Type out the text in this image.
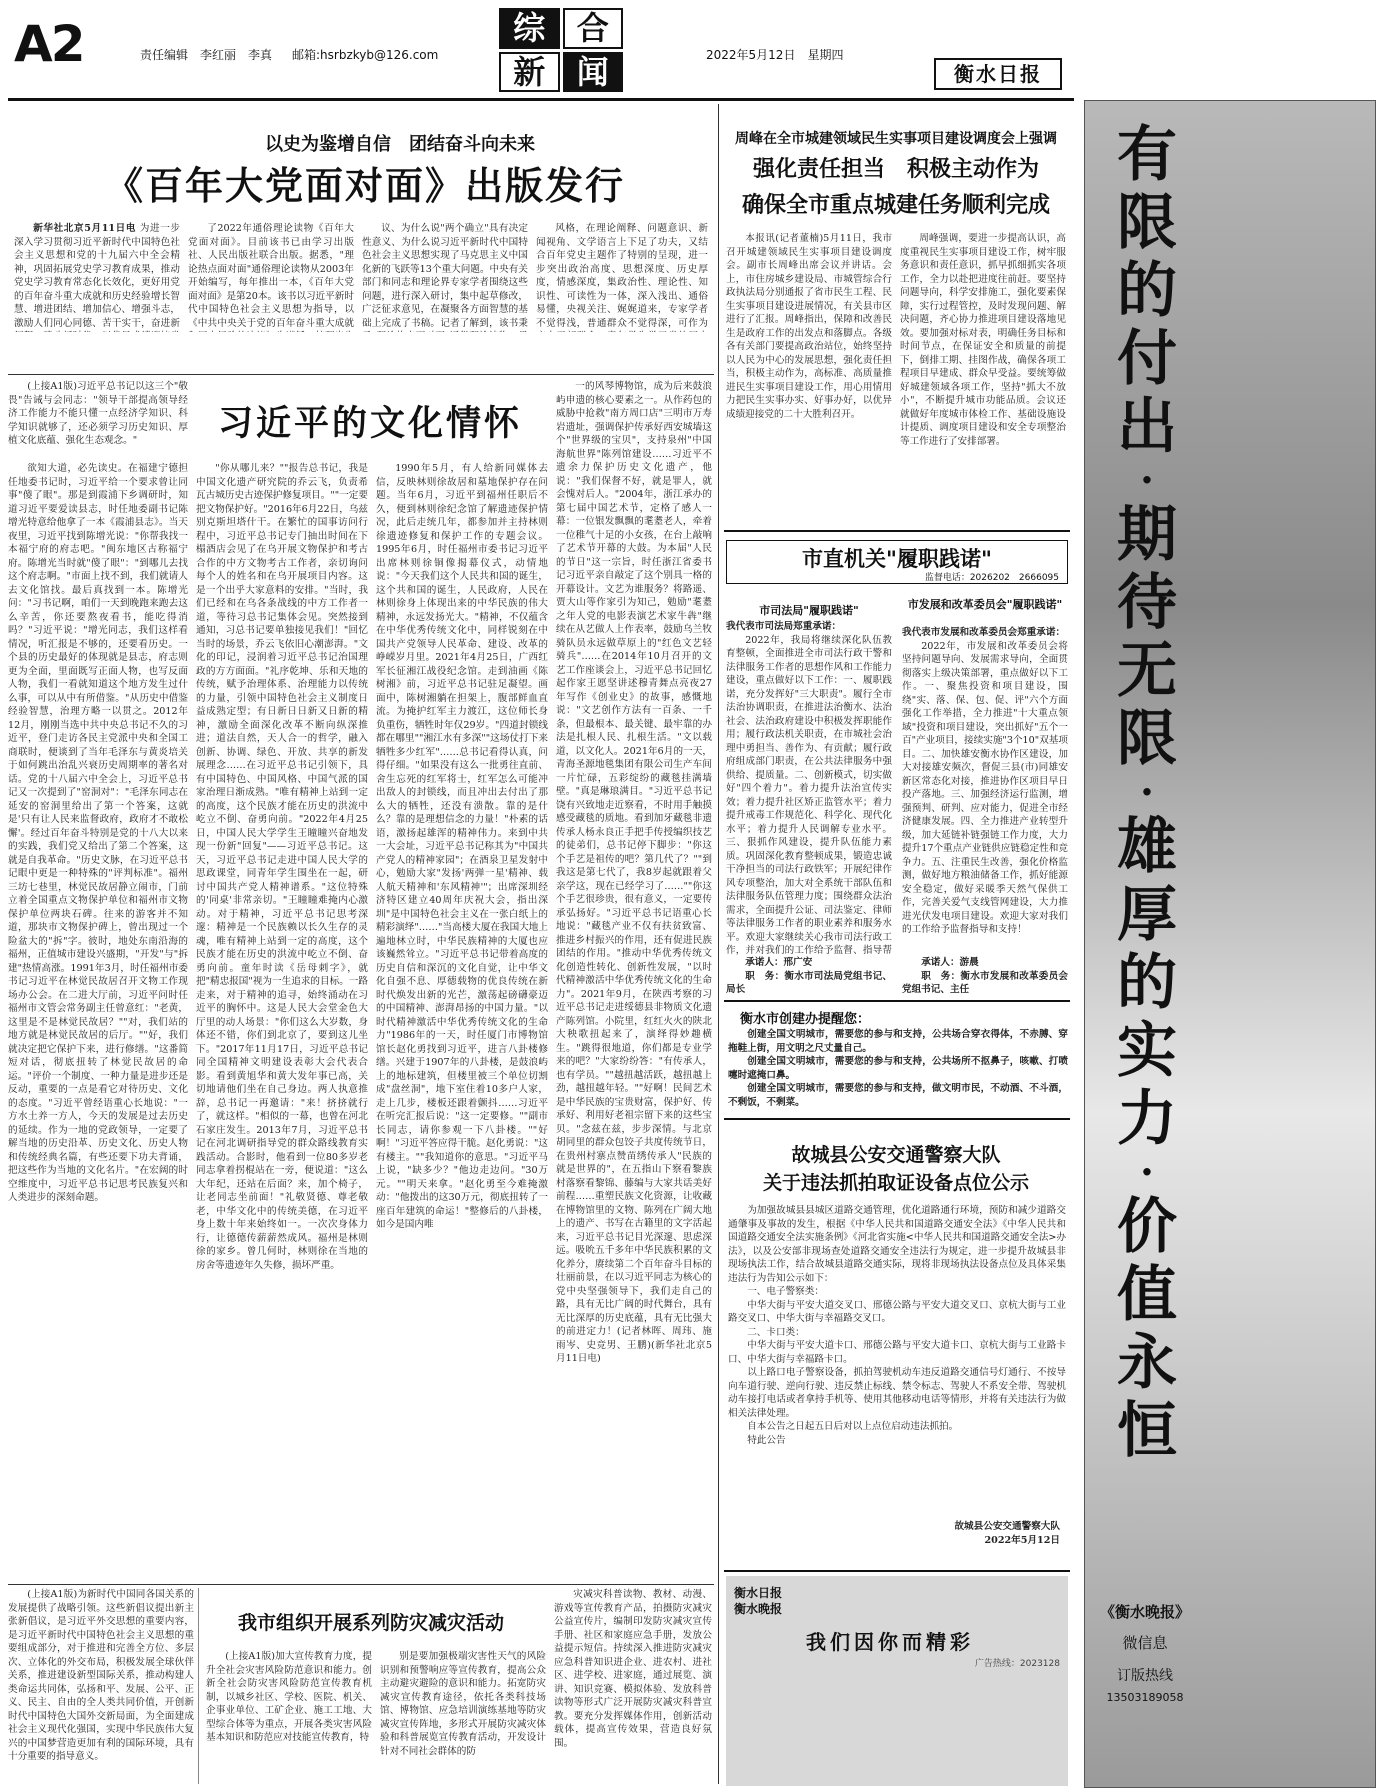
A2	责任编辑　李红丽　李真 邮箱:hsrbzkyb@126.com
综 合
新 闻	2022年5月12日　星期四
衡水日报
以史为鉴增自信　团结奋斗向未来
《百年大党面对面》出版发行

新华社北京5月11日电 为进一步深入学习贯彻习近平新时代中国特色社会主义思想和党的十九届六中全会精神，巩固拓展党史学习教育成果，推动党史学习教育常态化长效化，更好用党的百年奋斗重大成就和历史经验增长智慧、增进团结、增加信心、增强斗志，激励人们同心同德、苦干实干，奋进新

了2022年通俗理论读物《百年大党面对面》。目前该书已由学习出版社、人民出版社联合出版。据悉，"理论热点面对面"通俗理论读物从2003年开始编写，每年推出一本，《百年大党面对面》是第20本。该书以习近平新时代中国特色社会主义思想为指导，以《中共中央关于党的百年奋斗重大成就

议、为什么说"两个确立"具有决定性意义、为什么说习近平新时代中国特色社会主义思想实现了马克思主义中国化新的飞跃等13个重大问题。中央有关部门和同志和理论界专家学者围绕这些问题，进行深入研讨，集中起草修改，广泛征求意见，在凝聚各方面智慧的基础上完成了书稿。记者了解到，该书秉

风格，在理论阐释、问题意识、新闻视角、文学语言上下足了功夫，又结合百年党史主题作了特别的呈现，进一步突出政治高度、思想深度、历史厚度，情感深度，集政治性、理论性、知识性、可读性为一体，深入浅出、通俗易懂，央视关注、娓娓道来，专家学者不觉得浅，普通群众不觉得深，可作为

(上接A1版)习近平总书记以这三个"敬畏"告诫与会同志："领导干部提高领导经济工作能力不能只懂一点经济学知识、科学知识就够了，还必须学习历史知识、厚植文化底蕴、强化生态观念。"	习近平的文化情怀

欲知大道，必先读史。在福建宁德担任地委书记时，习近平给一个要求曾让同事"傻了眼"。那是到霞浦下乡调研时，知道习近平要爱读县志，时任地委副书记陈增光特意给他拿了一本《霞浦县志》。当天夜里，习近平找到陈增光说："你帮我找一本福宁府的府志吧。"闽东地区古称福宁府。陈增光当时就"傻了眼"："到哪儿去找这个府志啊。"市面上找不到，我们就请人去文化馆找。最后真找到一本。陈增光问："习书记啊，咱们一天到晚跑来跑去这么辛苦，你还要熬夜看书，能吃得消吗？"习近平说："增光同志，我们这样看情况，听汇报是不够的，还要看历史。一个县的历史最好的体现就是县志，府志则更为全面，里面既写正面人物，也写反面人物，我们一看就知道这个地方发生过什么事，可以从中有所借鉴。"从历史中借鉴经验智慧，治理方略一以贯之。2012年12月，刚刚当选中共中央总书记不久的习近平，登门走访各民主党派中央和全国工商联时，便谈到了当年毛泽东与黄炎培关于如何跳出治乱兴衰历史周期率的著名对话。党的十八届六中全会上，习近平总书记又一次提到了"窑洞对"："毛泽东同志在延安的窑洞里给出了第一个答案，这就是'只有让人民来监督政府，政府才不敢松懈'。经过百年奋斗特别是党的十八大以来的实践，我们党又给出了第二个答案，这就是自我革命。"历史文脉，在习近平总书记眼中更是一种特殊的"评判标准"。福州三坊七巷里，林觉民故居静立闹市，门前立着全国重点文物保护单位和福州市文物保护单位两块石碑。往来的游客并不知道，那块市文物保护碑上，曾出现过一个险盆大的"拆"字。彼时，地处东南沿海的福州，正值城市建设兴盛期，"开发"与"拆建"热情高涨。1991年3月，时任福州市委书记习近平在林觉民故居召开文物工作现场办公会。在二进大厅前，习近平问时任福州市文管会常务副主任曾意红："老黄，这里是不是林觉民故居？""对，我们站的地方就是林觉民故居的后厅。""好，我们就决定把它保护下来，进行修缮。"这番简短对话，彻底扭转了林觉民故居的命运。"评价一个制度、一种力量是进步还是反动，重要的一点是看它对待历史、文化的态度。"习近平曾经语重心长地说："一方水土养一方人，今天的发展是过去历史的延续。作为一地的党政领导，一定要了解当地的历史沿革、历史文化、历史人物和传统经典名篇，有些还要下功夫背诵，把这些作为当地的文化名片。"在宏阔的时空维度中，习近平总书记思考民族复兴和人类进步的深刻命题。

"你从哪儿来？""报告总书记，我是中国文化遗产研究院的乔云飞，负责希瓦古城历史古迹保护修复项目。""一定要把文物保护好。"2016年6月22日，乌兹别克斯坦塔什干。在繁忙的国事访问行程中，习近平总书记专门抽出时间在下榻酒店会见了在乌开展文物保护和考古合作的中方文物考古工作者，亲切询问每个人的姓名和在乌开展项目内容。这是一个出乎大家意料的安排。"当时，我们已经和在乌各条战线的中方工作者一道，等待习总书记集体会见。突然接到通知，习总书记要单独接见我们！"回忆当时的场景，乔云飞依旧心潮澎湃。"文化的印记，浸润着习近平总书记治国理政的方方面面。"礼序乾坤、乐和天地的传统，赋予治理体系、治理能力以传统的力量，引领中国特色社会主义制度日益成熟定型；有日新日日新又日新的精神，激励全面深化改革不断向纵深推进；道法自然，天人合一的哲学，融入创新、协调、绿色、开放、共享的新发展理念……在习近平总书记引领下，具有中国特色、中国风格、中国气派的国家治理日渐成熟。"唯有精神上站到一定的高度，这个民族才能在历史的洪流中屹立不倒、奋勇向前。"2022年4月25日，中国人民大学学生王瞳瞳兴奋地发现一份新"回复"——习近平总书记。这天，习近平总书记走进中国人民大学的思政课堂，同青年学生围坐在一起，研讨中国共产党人精神谱系。"这位特殊的'同桌'非常亲切。"王瞳瞳难掩内心激动。对于精神，习近平总书记思考深邃：精神是一个民族赖以长久生存的灵魂，唯有精神上站到一定的高度，这个民族才能在历史的洪流中屹立不倒、奋勇向前。童年时读《岳母刺字》，就把"精忠报国"视为一生追求的目标。一路走来，对于精神的追寻，始终涌动在习近平的胸怀中。这是人民大会堂金色大厅里的动人场景："你们这么大岁数，身体还不错，你们到北京了，要到这儿坐下。"2017年11月17日，习近平总书记同全国精神文明建设表彰大会代表合影。看到黄旭华和黄大发年事已高，关切地请他们坐在自己身边。两人执意推辞，总书记一再邀请："来！挤挤就行了，就这样。"相似的一幕，也曾在河北石家庄发生。2013年7月，习近平总书记在河北调研指导党的群众路线教育实践活动。合影时，他看到一位80多岁老同志拿着拐棍站在一旁，便说道："这么大年纪，还站在后面？来，加个椅子，让老同志坐前面！"礼敬贤德、尊老敬老，中华文化中的传统美德，在习近平身上数十年来始终如一。一次次身体力行，让德德传薪薪然成风。福州是林则徐的家乡。曾几何时，林则徐在当地的房舍等遗迹年久失修，损坏严重。

1990年5月，有人给新同媒体去信，反映林则徐故居和墓地保护存在问题。当年6月，习近平到福州任职后不久，便到林则徐纪念馆了解遗迹保护情况，此后走统几年，都参加并主持林则徐遗迹修复和保护工作的专题会议。1995年6月，时任福州市委书记习近平出席林则徐铜像揭幕仪式，动情地说："今天我们这个人民共和国的诞生，这个共和国的诞生，人民政府，人民在林则徐身上体现出来的中华民族的伟大精神，永远发扬光大。"精神，不仅蕴含在中华优秀传统文化中，同样锐刻在中国共产党领导人民革命、建设、改革的峥嵘岁月里。2021年4月25日，广西红军长征湘江战役纪念馆。走到油画《陈树湘》前，习近平总书记驻足凝望。画面中，陈树湘躺在担架上，腹部鲜血直流。为掩护红军主力渡江，这位师长身负重伤，牺牲时年仅29岁。"四道封锁线都在哪里""湘江水有多深""这场仗打下来牺牲多少红军"……总书记看得认真，问得仔细。"如果没有这么一批勇往直前、舍生忘死的红军将士，红军怎么可能冲出敌人的封锁线，而且冲出去付出了那么大的牺牲，还没有溃散。靠的是什么？靠的是理想信念的力量！"朴素的话语，激扬起雄浑的精神伟力。来到中共一大会址，习近平总书记称其为"中国共产党人的精神家园"；在酒泉卫星发射中心，勉励大家"发扬'两弹一星'精神、载人航天精神和'东风精神'"；出席深圳经济特区建立40周年庆祝大会，指出深圳"是中国特色社会主义在一张白纸上的精彩演绎"……"当高楼大厦在我国大地上遍地林立时，中华民族精神的大厦也应该巍然耸立。"习近平总书记带着高度的历史自信和深沉的文化自觉，让中华文化自强不息、厚德载物的优良传统在新时代焕发出新的光芒，激荡起磅礴豪迈的中国精神、澎湃昂扬的中国力量。"以时代精神激活中华优秀传统文化的生命力"1986年的一天，时任厦门市博物馆馆长赵化勇找到习近平，进言八卦楼修缮。兴建于1907年的八卦楼，是鼓浪屿上的地标建筑，但楼里被三个单位切割成"盘丝洞"，地下室住着10多户人家，走上几步，楼板还跟着颤抖……习近平在听完汇报后说："这一定要修。""副市长同志，请你参观一下八卦楼。""好啊！"习近平答应得干脆。赵化勇说："这有楼主。""我知道你的意思。"习近平马上说，"缺多少？"他边走边问。"30万元。""明天来拿。"赵化勇至今难掩激动："他拨出的这30万元，彻底扭转了一座百年建筑的命运！"整修后的八卦楼，如今是国内唯

一的风琴博物馆，成为后来鼓浪屿申遗的核心要素之一。从作药包的威胁中抢救"南方周口店"三明市万寿岩遗址，强调保护传承好西安城墙这个"世界级的宝贝"，支持泉州"中国海航世界"陈列馆建设……习近平不遗余力保护历史文化遗产，他说："我们保督不好，就是罪人，就会愧对后人。"2004年，浙江承办的第七届中国艺术节，定格了感人一幕：一位银发飘飘的耄耋老人，牵着一位稚气十足的小女孩，在台上敲响了艺术节开幕的大鼓。为本届"人民的节日"这一宗旨，时任浙江省委书记习近平亲自敲定了这个别具一格的开幕设计。文艺为谁服务？将路遥、贾大山等作家引为知己，勉励"耄耋之年人党的电影表演艺术家牛犇"继续在从艺做人上作表率，鼓励乌兰牧骑队员永远做草原上的"红色文艺轻骑兵"……在2014年10月召开的文艺工作座谈会上，习近平总书记回忆起作家王愿坚讲述穆青舞点亮夜27年写作《创业史》的故事，感慨地说："文艺创作方法有一百条、一千条，但最根本、最关键、最牢靠的办法是扎根人民、扎根生活。"文以载道，以文化人。2021年6月的一天，青海圣源地毯集团有限公司生产车间一片忙碌，五彩绽纷的藏毯挂满墙壁。"真是琳琅满目。"习近平总书记饶有兴致地走近察看，不时用手触摸感受藏毯的质地。看到加牙藏毯非遗传承人杨永良正手把手传授编织技艺的徒弟们，总书记停下脚步："你这个手艺是祖传的吧？第几代了？""到我这是第七代了，我8岁起就跟着父亲学这，现在已经学习了……""你这个手艺很珍贵，很有意义，一定要传承弘扬好。"习近平总书记语重心长地说："藏毯产业不仅有扶贫致富、推进乡村振兴的作用，还有促进民族团结的作用。"推动中华优秀传统文化创造性转化、创新性发展，"以时代精神激活中华优秀传统文化的生命力"。2021年9月，在陕西考察的习近平总书记走进绥德县非物质文化遗产陈列馆。小院里，红红火火的陕北大秧歌扭起来了，演绎得妙趣横生。"跳得很地道，你们都是专业学来的吧？"大家纷纷答："有传承人，也有学员。""越扭越活跃，越扭越上劲，越扭越年轻。""好啊！民间艺术是中华民族的宝贵财富，保护好、传承好、利用好老祖宗留下来的这些宝贝。"念兹在兹，步步深情。与北京胡同里的群众包饺子共度传统节日，在贵州村寨点赞苗绣传承人"民族的就是世界的"，在五指山下察看黎族村落察看黎锦、藤编与大家共话美好前程……重塑民族文化资源，让收藏在博物馆里的文物、陈列在广阔大地上的遗产、书写在古籍里的文字活起来，习近平总书记目光深邃、思虑深远。吸吮五千多年中华民族积累的文化养分，赓续第二个百年奋斗目标的壮丽前景，在以习近平同志为核心的党中央坚强领导下，我们走自己的路，具有无比广阔的时代舞台，具有无比深厚的历史底蕴，具有无比强大的前进定力！(记者林晖、周玮、施雨岑、史竞男、王鹏)(新华社北京5月11日电)

(上接A1版)为新时代中国同各国关系的发展提供了战略引领。这些新倡议提出新主张新倡议，是习近平外交思想的重要内容，是习近平新时代中国特色社会主义思想的重要组成部分，对于推进和完善全方位、多层次、立体化的外交布局，积极发展全球伙伴关系，推进建设新型国际关系，推动构建人类命运共同体，弘扬和平、发展、公平、正义、民主、自由的全人类共同价值，开创新时代中国特色大国外交新局面，为全面建成社会主义现代化强国，实现中华民族伟大复兴的中国梦营造更加有利的国际环境，具有十分重要的指导意义。

我市组织开展系列防灾减灾活动

(上接A1版)加大宣传教育力度，提升全社会灾害风险防范意识和能力。创新全社会防灾害风险防范宣传教育机制，以城乡社区、学校、医院、机关、企事业单位、工矿企业、施工工地、大型综合体等为重点，开展各类灾害风险基本知识和防范应对技能宣传教育，特

别是要加强极端灾害性天气的风险识别和预警响应等宣传教育，提高公众主动避灾避险的意识和能力。拓宽防灾减灾宣传教育途径，依托各类科技场馆、博物馆、应急培训演练基地等防灾减灾宣传阵地，多形式开展防灾减灾体验和科普展览宣传教育活动，开发设计针对不同社会群体的防

灾减灾科普读物、教材、动漫、游戏等宣传教育产品，拍摄防灾减灾公益宣传片，编制印发防灾减灾宣传手册、社区和家庭应急手册，发放公益提示短信。持续深入推进防灾减灾应急科普知识进企业、进农村、进社区、进学校、进家庭，通过展览、演讲、知识竞赛、模拟体验、发放科普读物等形式广泛开展防灾减灾科普宣教。要充分发挥媒体作用，创新活动载体，提高宣传效果，营造良好氛围。

周峰在全市城建领域民生实事项目建设调度会上强调
强化责任担当　积极主动作为
确保全市重点城建任务顺利完成

本报讯(记者董楠)5月11日，我市召开城建领域民生实事项目建设调度会。副市长周峰出席会议并讲话。会上，市住房城乡建设局、市城管综合行政执法局分别通报了省市民生工程、民生实事项目建设进展情况，有关县市区进行了汇报。周峰指出，保障和改善民生是政府工作的出发点和落脚点。各级各有关部门要提高政治站位，始终坚持以人民为中心的发展思想，强化责任担当，积极主动作为，高标准、高质量推进民生实事项目建设工作，用心用情用力把民生实事办实、好事办好，以优异成绩迎接党的二十大胜利召开。

周峰强调，要进一步提高认识，高度重视民生实事项目建设工作，树牢服务意识和责任意识，抓早抓细抓实各项工作，全力以赴把进度往前赶。要坚持问题导向，科学安排施工，强化要素保障，实行过程管控，及时发现问题、解决问题，齐心协力推进项目建设落地见效。要加强对标对表，明确任务目标和时间节点，在保证安全和质量的前提下，倒排工期、挂图作战，确保各项工程项目早建成、群众早受益。要统筹做好城建领域各项工作，坚持"抓大不放小"，不断提升城市功能品质。会议还就做好年度城市体检工作、基础设施设计提质、调度项目建设和安全专项整治等工作进行了安排部署。

市直机关"履职践诺"
监督电话：2026202　2666095
市司法局"履职践诺"

我代表市司法局郑重承诺：

2022年，我局将继续深化队伍教育整顿，全面推进全市司法行政干警和法律服务工作者的思想作风和工作能力建设，重点做好以下工作：一、履职践诺，充分发挥好"三大职责"。履行全市法治协调职责，在推进法治衡水、法治社会、法治政府建设中积极发挥职能作用；履行政法机关职责，在市城社会治理中勇担当、善作为、有贡献；履行政府组成部门职责，在公共法律服务中强供给、提质量。二、创新模式，切实做好"四个着力"。着力提升法治宣传实效；着力提升社区矫正监管水平；着力提升戒毒工作规范化、科学化、现代化水平；着力提升人民调解专业水平。三、狠抓作风建设，提升队伍能力素质。巩固深化教育整顿成果，锻造忠诚干净担当的司法行政铁军；开展纪律作风专项整治，加大对全系统干部队伍和法律服务队伍管理力度；围绕群众法治需求，全面提升公证、司法鉴定、律师等法律服务工作者的职业素养和服务水平。欢迎大家继续关心我市司法行政工作，并对我们的工作给予监督、指导帮

承诺人：邢广安
职　务：衡水市司法局党组书记、局长
市发展和改革委员会"履职践诺"

我代表市发展和改革委员会郑重承诺：

2022年，市发展和改革委员会将坚持问题导向、发展需求导向，全面贯彻落实上级决策部署，重点做好以下工作。一、聚焦投资和项目建设，围绕"实、落、保、包、促、评"六个方面强化工作举措，全力推进"十大重点领域"投资和项目建设，突出抓好"五个一百"产业项目，接续实施"3个10"双基项目。二、加快雄安衡水协作区建设，加大对接雄安频次，督促三县(市)同雄安新区常态化对接，推进协作区项目早日投产落地。三、加强经济运行监测，增强预判、研判、应对能力，促进全市经济健康发展。四、全力推进产业转型升级，加大延链补链强链工作力度，大力提升17个重点产业链供应链稳定性和竞争力。五、注重民生改善，强化价格监测，做好地方粮油储备工作，抓好能源安全稳定，做好采暖季天然气保供工作，完善关爱气支线管网建设，大力推进光伏发电项目建设。欢迎大家对我们的工作给予监督指导和支持！

承诺人：游晨
职　务：衡水市发展和改革委员会党组书记、主任
衡水市创建办提醒您：

创建全国文明城市，需要您的参与和支持，公共场合穿衣得体，不赤膊、穿拖鞋上街，用文明之尺丈量自己。

创建全国文明城市，需要您的参与和支持，公共场所不抠鼻子，咳嗽、打喷嚏时遮掩口鼻。

创建全国文明城市，需要您的参与和支持，做文明市民，不动酒、不斗酒，不剩饭，不剩菜。

故城县公安交通警察大队
关于违法抓拍取证设备点位公示

为加强故城县县城区道路交通管理，优化道路通行环境，预防和减少道路交通肇事及事故的发生，根据《中华人民共和国道路交通安全法》《中华人民共和国道路交通安全法实施条例》《河北省实施<中华人民共和国道路交通安全法>办法》，以及公安部非现场查处道路交通安全违法行为规定，进一步提升故城县非现场执法工作，结合故城县道路交通实际，现将非现场执法设备点位及具体采集违法行为告知公示如下：

一、电子警察类：

中华大街与平安大道交叉口、邢德公路与平安大道交叉口、京杭大街与工业路交叉口、中华大街与幸福路交叉口。

二、卡口类：

中华大街与平安大道卡口、邢德公路与平安大道卡口、京杭大街与工业路卡口、中华大街与幸福路卡口。

以上路口电子警察设备，抓拍驾驶机动车违反道路交通信号灯通行、不按导向车道行驶、逆向行驶、违反禁止标线、禁令标志、驾驶人不系安全带、驾驶机动车接打电话或者拿持手机等、使用其他移动电话等情形，并将有关违法行为做相关法律处理。

自本公告之日起五日后对以上点位启动违法抓拍。

特此公告

故城县公安交通警察大队
2022年5月12日
衡水日报
衡水晚报
我们因你而精彩
广告热线：2023128
有
限
的
付
出
·
期
待
无
限
·
雄
厚
的
实
力
·
价
值
永
恒
《衡水晚报》
微信息
订版热线
13503189058
